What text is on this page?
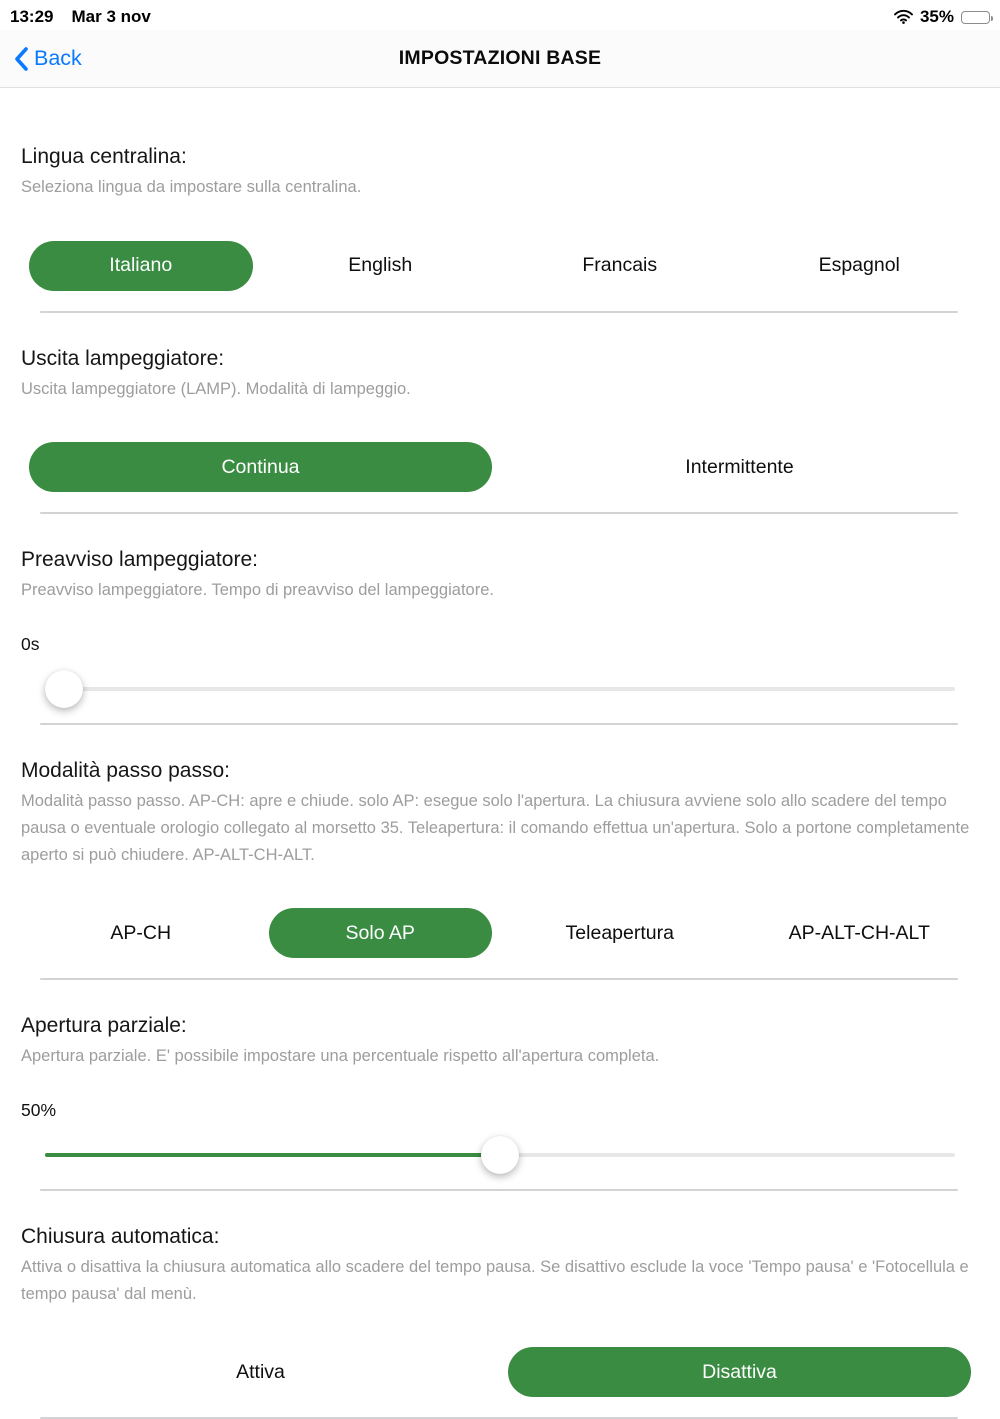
13:29 Mar 3 nov	35%
IMPOSTAZIONI BASE
Back
Lingua centralina:
Seleziona lingua da impostare sulla centralina.
Italiano	English	Francais	Espagnol
Uscita lampeggiatore:
Uscita lampeggiatore (LAMP). Modalità di lampeggio.
Continua	Intermittente
Preavviso lampeggiatore:
Preavviso lampeggiatore. Tempo di preavviso del lampeggiatore.
0s
Modalità passo passo:
Modalità passo passo. AP-CH: apre e chiude. solo AP: esegue solo l'apertura. La chiusura avviene solo allo scadere del tempo pausa o eventuale orologio collegato al morsetto 35. Teleapertura: il comando effettua un'apertura. Solo a portone completamente aperto si può chiudere. AP-ALT-CH-ALT.
AP-CH	Solo AP	Teleapertura	AP-ALT-CH-ALT
Apertura parziale:
Apertura parziale. E' possibile impostare una percentuale rispetto all'apertura completa.
50%
Chiusura automatica:
Attiva o disattiva la chiusura automatica allo scadere del tempo pausa. Se disattivo esclude la voce 'Tempo pausa' e 'Fotocellula e tempo pausa' dal menù.
Attiva	Disattiva
